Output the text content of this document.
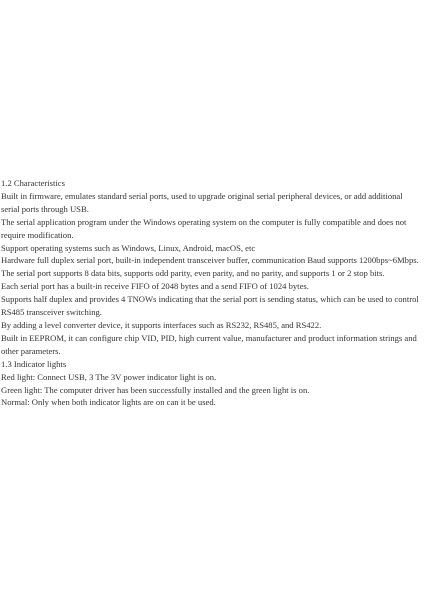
1.2 Characteristics

Built in firmware, emulates standard serial ports, used to upgrade original serial peripheral devices, or add additional serial ports through USB.

The serial application program under the Windows operating system on the computer is fully compatible and does not require modification.

Support operating systems such as Windows, Linux, Android, macOS, etc

Hardware full duplex serial port, built-in independent transceiver buffer, communication Baud supports 1200bps~6Mbps.

The serial port supports 8 data bits, supports odd parity, even parity, and no parity, and supports 1 or 2 stop bits.

Each serial port has a built-in receive FIFO of 2048 bytes and a send FIFO of 1024 bytes.

Supports half duplex and provides 4 TNOWs indicating that the serial port is sending status, which can be used to control RS485 transceiver switching.

By adding a level converter device, it supports interfaces such as RS232, RS485, and RS422.

Built in EEPROM, it can configure chip VID, PID, high current value, manufacturer and product information strings and other parameters.

1.3 Indicator lights

Red light: Connect USB, 3 The 3V power indicator light is on.

Green light: The computer driver has been successfully installed and the green light is on.

Normal: Only when both indicator lights are on can it be used.
